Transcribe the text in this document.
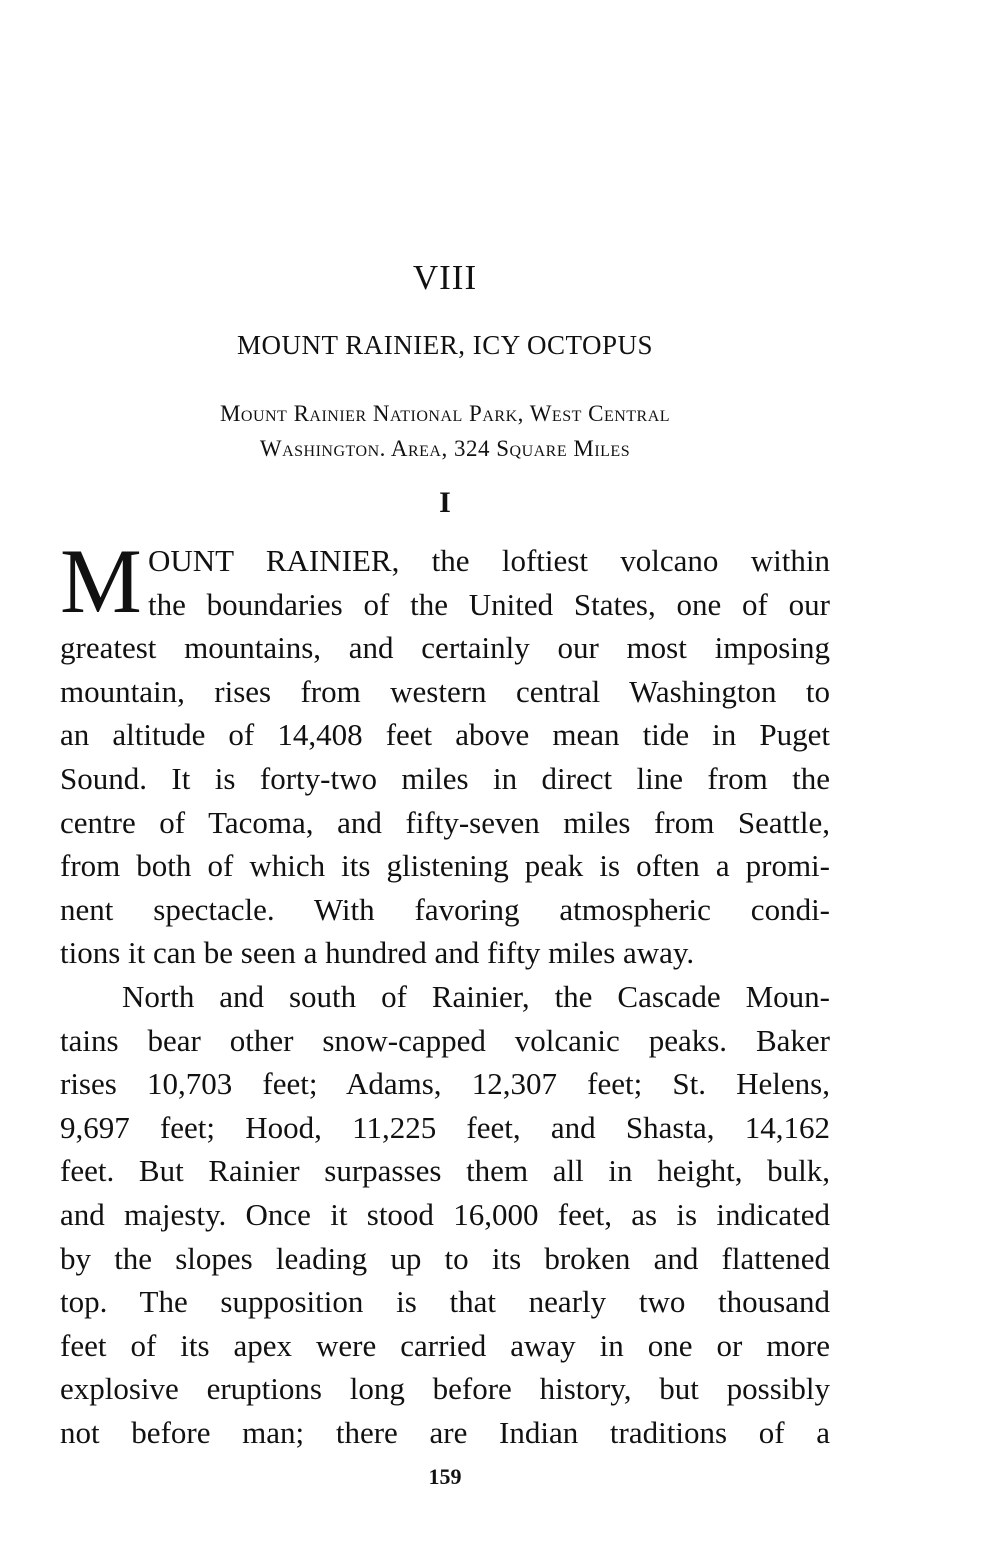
VIII
MOUNT RAINIER, ICY OCTOPUS
Mount Rainier National Park, West Central
Washington. Area, 324 Square Miles
I
M OUNT RAINIER, the loftiest volcano within
the boundaries of the United States, one of our
greatest mountains, and certainly our most imposing
mountain, rises from western central Washington to
an altitude of 14,408 feet above mean tide in Puget
Sound. It is forty-two miles in direct line from the
centre of Tacoma, and fifty-seven miles from Seattle,
from both of which its glistening peak is often a promi-
nent spectacle. With favoring atmospheric condi-
tions it can be seen a hundred and fifty miles away.
North and south of Rainier, the Cascade Moun-
tains bear other snow-capped volcanic peaks. Baker
rises 10,703 feet; Adams, 12,307 feet; St. Helens,
9,697 feet; Hood, 11,225 feet, and Shasta, 14,162
feet. But Rainier surpasses them all in height, bulk,
and majesty. Once it stood 16,000 feet, as is indicated
by the slopes leading up to its broken and flattened
top. The supposition is that nearly two thousand
feet of its apex were carried away in one or more
explosive eruptions long before history, but possibly
not before man; there are Indian traditions of a
159
